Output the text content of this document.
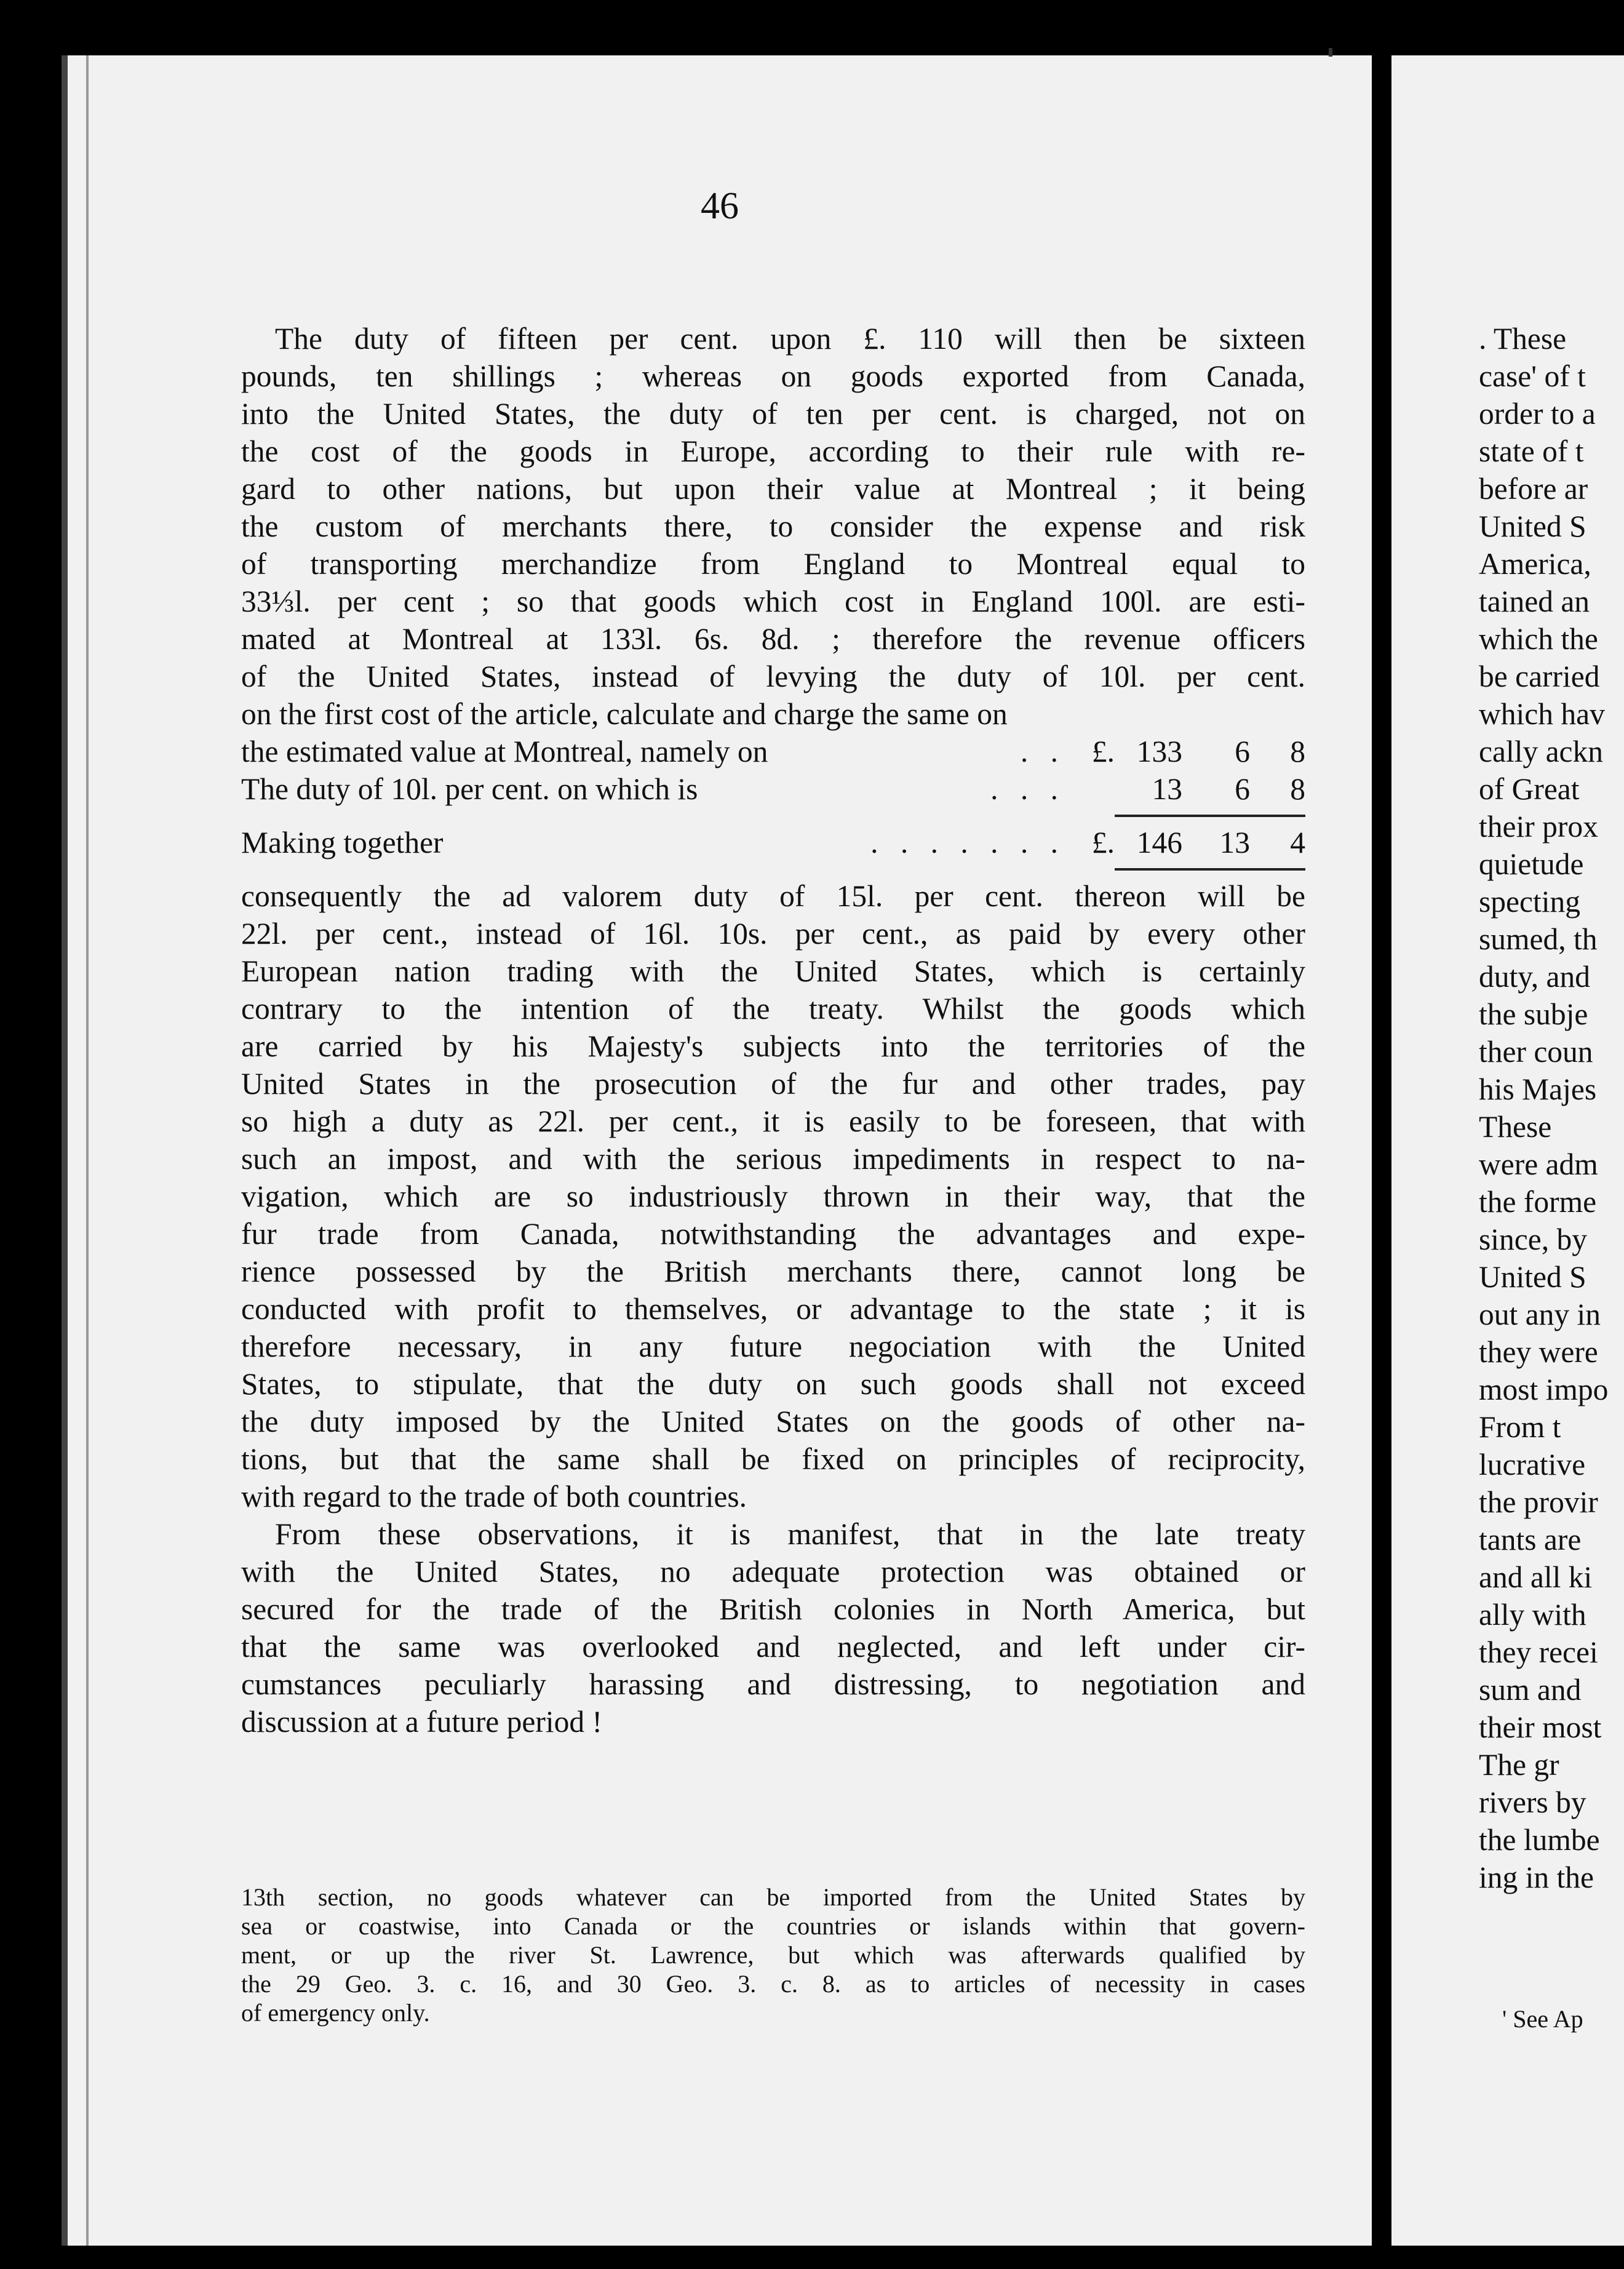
46

The duty of fifteen per cent. upon £. 110 will then be sixteen

pounds, ten shillings ; whereas on goods exported from Canada,

into the United States, the duty of ten per cent. is charged, not on

the cost of the goods in Europe, according to their rule with re-

gard to other nations, but upon their value at Montreal ; it being

the custom of merchants there, to consider the expense and risk

of transporting merchandize from England to Montreal equal to

33⅓l. per cent ; so that goods which cost in England 100l. are esti-

mated at Montreal at 133l. 6s. 8d. ; therefore the revenue officers

of the United States, instead of levying the duty of 10l. per cent.

on the first cost of the article, calculate and charge the same on

the estimated value at Montreal, namely on	. . £. 133	6	8
The duty of 10l. per cent. on which is	. . .	13	6	8
Making together	. . . . . . . £. 146	13	4

consequently the ad valorem duty of 15l. per cent. thereon will be

22l. per cent., instead of 16l. 10s. per cent., as paid by every other

European nation trading with the United States, which is certainly

contrary to the intention of the treaty. Whilst the goods which

are carried by his Majesty's subjects into the territories of the

United States in the prosecution of the fur and other trades, pay

so high a duty as 22l. per cent., it is easily to be foreseen, that with

such an impost, and with the serious impediments in respect to na-

vigation, which are so industriously thrown in their way, that the

fur trade from Canada, notwithstanding the advantages and expe-

rience possessed by the British merchants there, cannot long be

conducted with profit to themselves, or advantage to the state ; it is

therefore necessary, in any future negociation with the United

States, to stipulate, that the duty on such goods shall not exceed

the duty imposed by the United States on the goods of other na-

tions, but that the same shall be fixed on principles of reciprocity,

with regard to the trade of both countries.

From these observations, it is manifest, that in the late treaty

with the United States, no adequate protection was obtained or

secured for the trade of the British colonies in North America, but

that the same was overlooked and neglected, and left under cir-

cumstances peculiarly harassing and distressing, to negotiation and

discussion at a future period !

13th section, no goods whatever can be imported from the United States by

sea or coastwise, into Canada or the countries or islands within that govern-

ment, or up the river St. Lawrence, but which was afterwards qualified by

the 29 Geo. 3. c. 16, and 30 Geo. 3. c. 8. as to articles of necessity in cases

of emergency only.

. These
case' of t
order to a
state of t
before ar
United S
America,
tained an
which the
be carried
which hav
cally ackn
of Great
their prox
quietude
specting
sumed, th
duty, and
the subje
ther coun
his Majes
These
were adm
the forme
since, by
United S
out any in
they were
most impo
From t
lucrative
the provir
tants are
and all ki
ally with
they recei
sum and
their most
The gr
rivers by
the lumbe
ing in the
' See Ap
